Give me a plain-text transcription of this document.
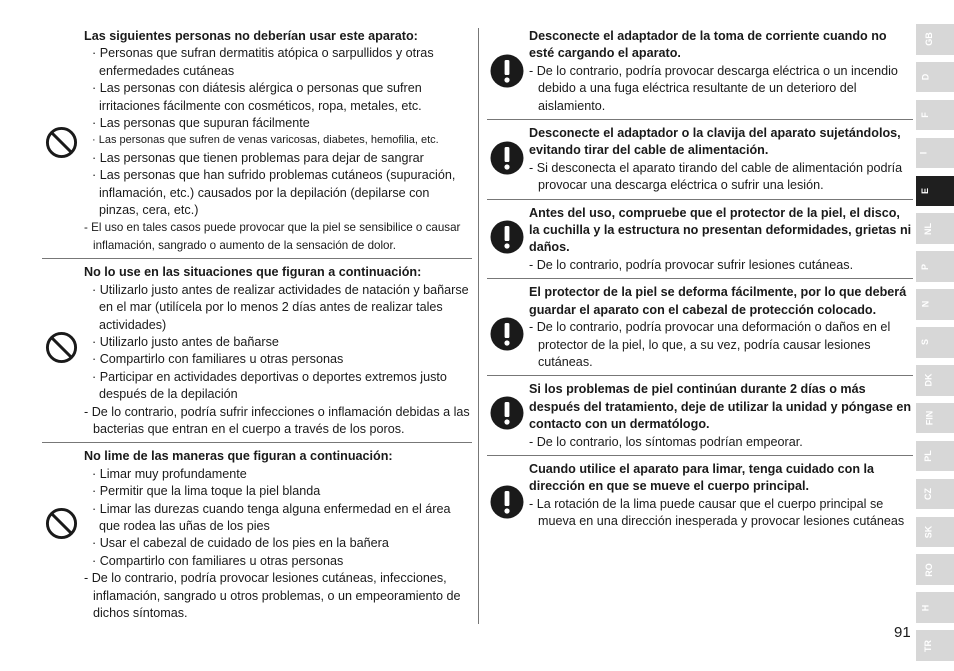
Las siguientes personas no deberían usar este aparato:
· Personas que sufran dermatitis atópica o sarpullidos y otras enfermedades cutáneas
· Las personas con diátesis alérgica o personas que sufren irritaciones fácilmente con cosméticos, ropa, metales, etc.
· Las personas que supuran fácilmente
· Las personas que sufren de venas varicosas, diabetes, hemofilia, etc.
· Las personas que tienen problemas para dejar de sangrar
· Las personas que han sufrido problemas cutáneos (supuración, inflamación, etc.) causados por la depilación (depilarse con pinzas, cera, etc.)
- El uso en tales casos puede provocar que la piel se sensibilice o causar inflamación, sangrado o aumento de la sensación de dolor.
No lo use en las situaciones que figuran a continuación:
· Utilizarlo justo antes de realizar actividades de natación y bañarse en el mar (utilícela por lo menos 2 días antes de realizar tales actividades)
· Utilizarlo justo antes de bañarse
· Compartirlo con familiares u otras personas
· Participar en actividades deportivas o deportes extremos justo después de la depilación
- De lo contrario, podría sufrir infecciones o inflamación debidas a las bacterias que entran en el cuerpo a través de los poros.
No lime de las maneras que figuran a continuación:
· Limar muy profundamente
· Permitir que la lima toque la piel blanda
· Limar las durezas cuando tenga alguna enfermedad en el área que rodea las uñas de los pies
· Usar el cabezal de cuidado de los pies en la bañera
· Compartirlo con familiares u otras personas
- De lo contrario, podría provocar lesiones cutáneas, infecciones, inflamación, sangrado u otros problemas, o un empeoramiento de dichos síntomas.
Desconecte el adaptador de la toma de corriente cuando no esté cargando el aparato.
- De lo contrario, podría provocar descarga eléctrica o un incendio debido a una fuga eléctrica resultante de un deterioro del aislamiento.
Desconecte el adaptador o la clavija del aparato sujetándolos, evitando tirar del cable de alimentación.
- Si desconecta el aparato tirando del cable de alimentación podría provocar una descarga eléctrica o sufrir una lesión.
Antes del uso, compruebe que el protector de la piel, el disco, la cuchilla y la estructura no presentan deformidades, grietas ni daños.
- De lo contrario, podría provocar sufrir lesiones cutáneas.
El protector de la piel se deforma fácilmente, por lo que deberá guardar el aparato con el cabezal de protección colocado.
- De lo contrario, podría provocar una deformación o daños en el protector de la piel, lo que, a su vez, podría causar lesiones cutáneas.
Si los problemas de piel continúan durante 2 días o más después del tratamiento, deje de utilizar la unidad y póngase en contacto con un dermatólogo.
- De lo contrario, los síntomas podrían empeorar.
Cuando utilice el aparato para limar, tenga cuidado con la dirección en que se mueve el cuerpo principal.
- La rotación de la lima puede causar que el cuerpo principal se mueva en una dirección inesperada y provocar lesiones cutáneas
GB
D
F
I
E
NL
P
N
S
DK
FIN
PL
CZ
SK
RO
H
TR
91
